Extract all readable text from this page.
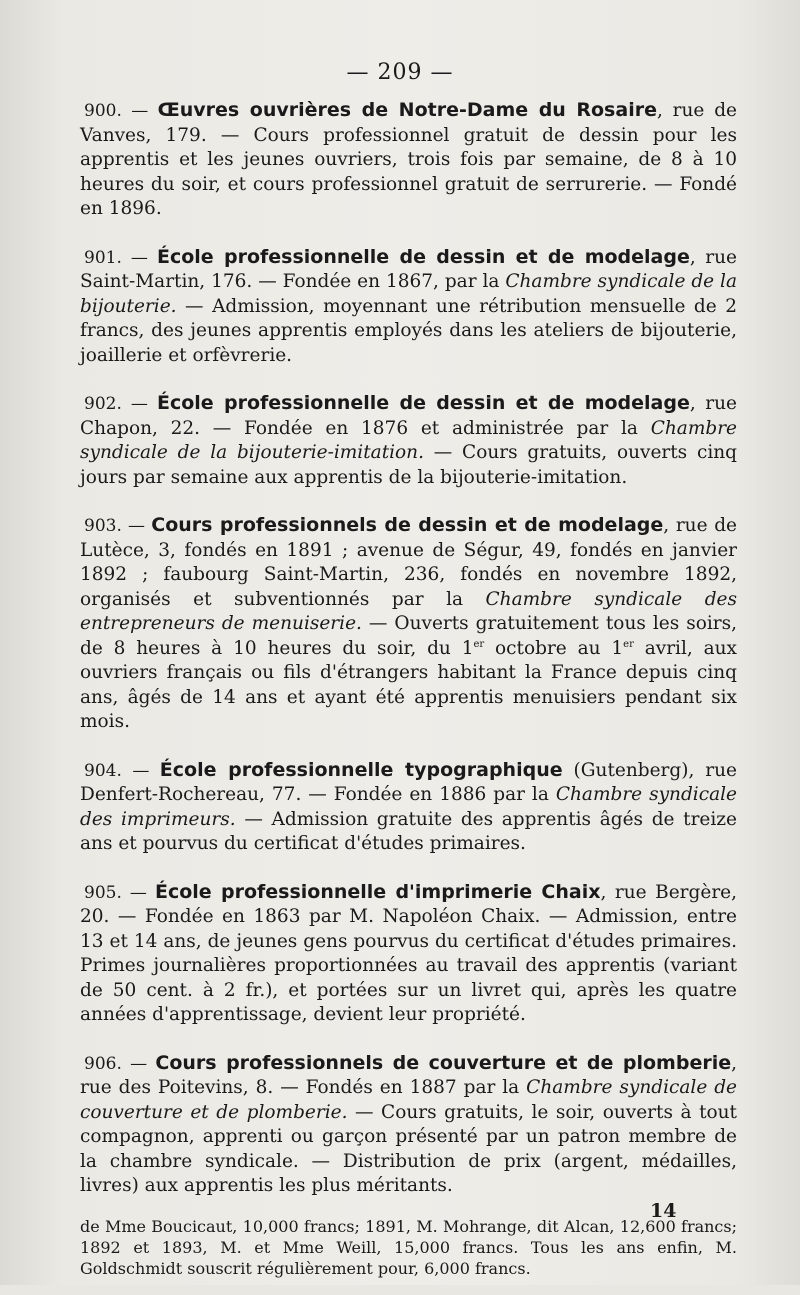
— 209 —

900. — Œuvres ouvrières de Notre-Dame du Rosaire, rue de Vanves, 179. — Cours professionnel gratuit de dessin pour les apprentis et les jeunes ouvriers, trois fois par semaine, de 8 à 10 heures du soir, et cours professionnel gratuit de serrurerie. — Fondé en 1896.

901. — École professionnelle de dessin et de modelage, rue Saint-Martin, 176. — Fondée en 1867, par la Chambre syndicale de la bijouterie. — Admission, moyennant une rétribution mensuelle de 2 francs, des jeunes apprentis employés dans les ateliers de bijouterie, joaillerie et orfèvrerie.

902. — École professionnelle de dessin et de modelage, rue Chapon, 22. — Fondée en 1876 et administrée par la Chambre syndicale de la bijouterie-imitation. — Cours gratuits, ouverts cinq jours par semaine aux apprentis de la bijouterie-imitation.

903. — Cours professionnels de dessin et de modelage, rue de Lutèce, 3, fondés en 1891 ; avenue de Ségur, 49, fondés en janvier 1892 ; faubourg Saint-Martin, 236, fondés en novembre 1892, organisés et subventionnés par la Chambre syndicale des entrepreneurs de menuiserie. — Ouverts gratuitement tous les soirs, de 8 heures à 10 heures du soir, du 1er octobre au 1er avril, aux ouvriers français ou fils d'étrangers habitant la France depuis cinq ans, âgés de 14 ans et ayant été apprentis menuisiers pendant six mois.

904. — École professionnelle typographique (Gutenberg), rue Denfert-Rochereau, 77. — Fondée en 1886 par la Chambre syndicale des imprimeurs. — Admission gratuite des apprentis âgés de treize ans et pourvus du certificat d'études primaires.

905. — École professionnelle d'imprimerie Chaix, rue Bergère, 20. — Fondée en 1863 par M. Napoléon Chaix. — Admission, entre 13 et 14 ans, de jeunes gens pourvus du certificat d'études primaires. Primes journalières proportionnées au travail des apprentis (variant de 50 cent. à 2 fr.), et portées sur un livret qui, après les quatre années d'apprentissage, devient leur propriété.

906. — Cours professionnels de couverture et de plomberie, rue des Poitevins, 8. — Fondés en 1887 par la Chambre syndicale de couverture et de plomberie. — Cours gratuits, le soir, ouverts à tout compagnon, apprenti ou garçon présenté par un patron membre de la chambre syndicale. — Distribution de prix (argent, médailles, livres) aux apprentis les plus méritants.

de Mme Boucicaut, 10,000 francs; 1891, M. Mohrange, dit Alcan, 12,600 francs; 1892 et 1893, M. et Mme Weill, 15,000 francs. Tous les ans enfin, M. Goldschmidt souscrit régulièrement pour, 6,000 francs.

14
